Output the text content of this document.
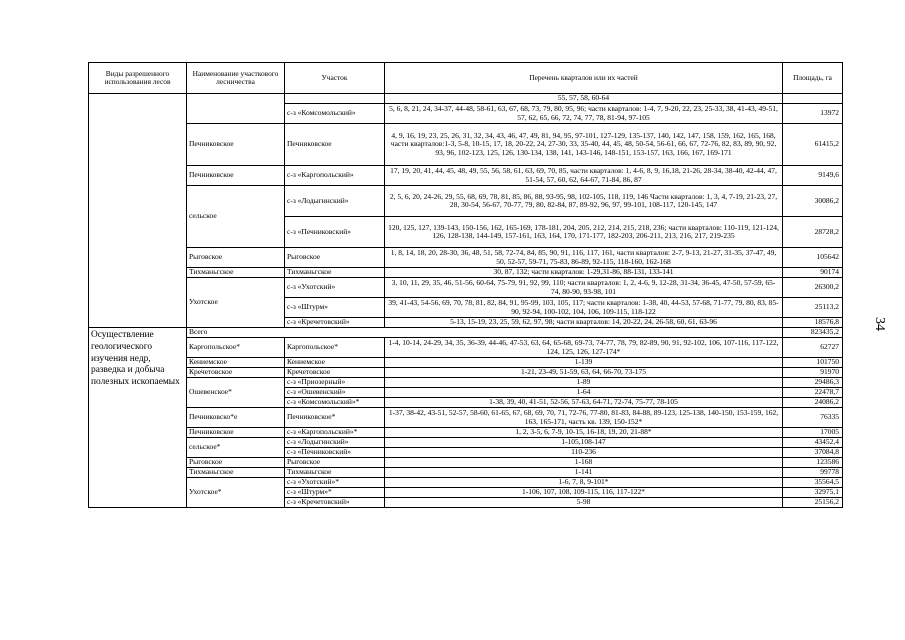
Виды разрешенного использования лесов	Наименование участкового лесничества	Участок	Перечень кварталов или их частей	Площадь, га
			55, 57, 58, 60-64	
		с-з «Комсомольский»	5, 6, 8, 21, 24, 34-37, 44-48, 58-61, 63, 67, 68, 73, 79, 80, 95, 96; части кварталов: 1-4, 7, 9-20, 22, 23, 25-33, 38, 41-43, 49-51, 57, 62, 65, 66, 72, 74, 77, 78, 81-94, 97-105	13972
	Печниковское	Печниковское	4, 9, 16, 19, 23, 25, 26, 31, 32, 34, 43, 46, 47, 49, 81, 94, 95, 97-101, 127-129, 135-137, 140, 142, 147, 158, 159, 162, 165, 168, части кварталов:1-3, 5-8, 10-15, 17, 18, 20-22, 24, 27-30, 33, 35-40, 44, 45, 48, 50-54, 56-61, 66, 67, 72-76, 82, 83, 89, 90, 92, 93, 96, 102-123, 125, 126, 130-134, 138, 141, 143-146, 148-151, 153-157, 163, 166, 167, 169-171	61415,2
	Печниковское	с-з «Каргопольский»	17, 19, 20, 41, 44, 45, 48, 49, 55, 56, 58, 61, 63, 69, 70, 85, части кварталов: 1, 4-6, 8, 9, 16,18, 21-26, 28-34, 38-40, 42-44, 47, 51-54, 57, 60, 62, 64-67, 71-84, 86, 87	9149,6
	сельское	с-з «Лодыгинский»	2, 5, 6, 20, 24-26, 29, 55, 68, 69, 78, 81, 85, 86, 88, 93-95, 98, 102-105, 118, 119, 146 Части кварталов: 1, 3, 4, 7-19, 21-23, 27, 28, 30-54, 56-67, 70-77, 79, 80, 82-84, 87, 89-92, 96, 97, 99-101, 108-117, 120-145, 147	30086,2
		с-з «Печниковский»	120, 125, 127, 139-143, 150-156, 162, 165-169, 178-181, 204, 205, 212, 214, 215, 218, 236; части кварталов: 110-119, 121-124, 126, 128-138, 144-149, 157-161, 163, 164, 170, 171-177, 182-203, 206-211, 213, 216, 217, 219-235	28728,2
	Рыговское	Рыговское	1, 8, 14, 18, 20, 28-30, 36, 48, 51, 58, 72-74, 84, 85, 90, 91, 116, 117, 161, части кварталов: 2-7, 9-13, 21-27, 31-35, 37-47, 49, 50, 52-57, 59-71, 75-83, 86-89, 92-115, 118-160, 162-168	105642
	Тихманьгское	Тихманьгское	30, 87, 132; части кварталов: 1-29,31-86, 88-131, 133-141	90174
	Ухотское	с-з «Ухотский»	3, 10, 11, 29, 35, 46, 51-56, 60-64, 75-79, 91, 92, 99, 110; части кварталов: 1, 2, 4-6, 9, 12-28, 31-34, 36-45, 47-50, 57-59, 65-74, 80-90, 93-98, 101	26300,2
		с-з «Штурм»	39, 41-43, 54-56, 69, 70, 78, 81, 82, 84, 91, 95-99, 103, 105, 117; части кварталов: 1-38, 40, 44-53, 57-68, 71-77, 79, 80, 83, 85-90, 92-94, 100-102, 104, 106, 109-115, 118-122	25113,2
		с-з «Кречетовский»	5-13, 15-19, 23, 25, 59, 62, 97, 98; части кварталов: 14, 20-22, 24, 26-58, 60, 61, 63-96	18576,8
Осуществление геологического изучения недр, разведка и добыча полезных ископаемых	Всего			823435,2
	Каргопольское*	Каргопольское*	1-4, 10-14, 24-29, 34, 35, 36-39, 44-46, 47-53, 63, 64, 65-68, 69-73, 74-77, 78, 79, 82-89, 90, 91, 92-102, 106, 107-116, 117-122, 124, 125, 126, 127-174*	62727
	Кениемское	Кениемское	1-139	101750
	Кречетовское	Кречетовское	1-21, 23-49, 51-59, 63, 64, 66-70, 73-175	91970
	Ошевенское*	с-з «Приозерный»	1-89	29486,3
		с-з «Ошевенский»	1-64	22478,7
		с-з «Комсомольский»*	1-38, 39, 40, 41-51, 52-56, 57-63, 64-71, 72-74, 75-77, 78-105	24086,2
	Печниковско*е	Печниковское*	1-37, 38-42, 43-51, 52-57, 58-60, 61-65, 67, 68, 69, 70, 71, 72-76, 77-80, 81-83, 84-88, 89-123, 125-138, 140-150, 153-159, 162, 163, 165-171, часть кв. 139, 150-152*	76335
	Печниковское	с-з «Каргопольский»*	1, 2, 3-5, 6, 7-9, 10-15, 16-18, 19, 20, 21-88*	17005
	сельское*	с-з «Лодыгинский»	1-105,108-147	43452,4
		с-з «Печниковский»	110-236	37084,8
	Рыговское	Рыговское	1-168	123586
	Тихманьгское	Тихманьгское	1-141	99778
	Ухотское*	с-з «Ухотский»*	1-6, 7, 8, 9-101*	35564,5
		с-з «Штурм»*	1-106, 107, 108, 109-115, 116, 117-122*	32975,1
		с-з «Кречетовский»	5-98	25156,2
34
